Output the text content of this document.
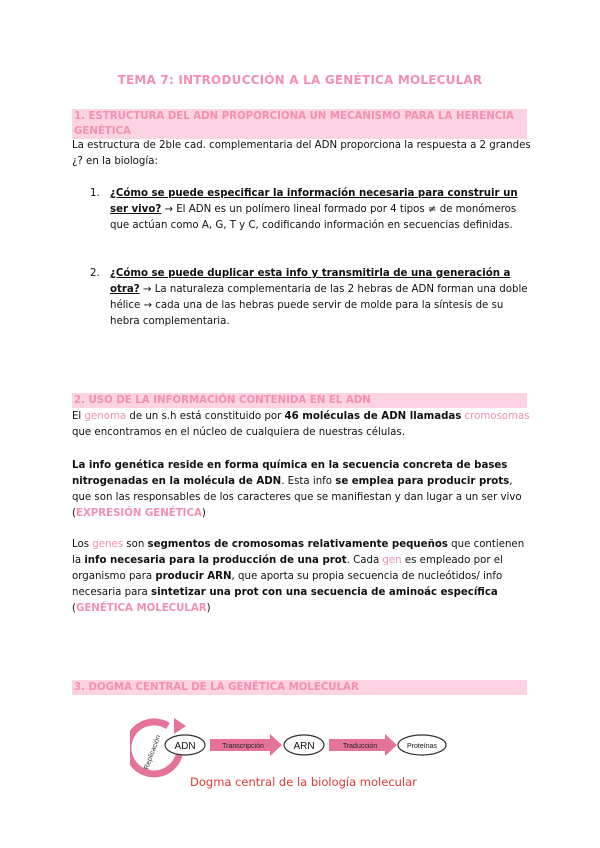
TEMA 7: INTRODUCCIÓN A LA GENÉTICA MOLECULAR
1. ESTRUCTURA DEL ADN PROPORCIONA UN MECANISMO PARA LA HERENCIA
GENÉTICA
La estructura de 2ble cad. complementaria del ADN proporciona la respuesta a 2 grandes ¿? en la biología:
1. ¿Cómo se puede especificar la información necesaria para construir un ser vivo? → El ADN es un polímero lineal formado por 4 tipos ≠ de monómeros que actúan como A, G, T y C, codificando información en secuencias definidas.
2. ¿Cómo se puede duplicar esta info y transmitirla de una generación a otra? → La naturaleza complementaria de las 2 hebras de ADN forman una doble hélice → cada una de las hebras puede servir de molde para la síntesis de su hebra complementaria.
2. USO DE LA INFORMACIÓN CONTENIDA EN EL ADN
El genoma de un s.h está constituido por 46 moléculas de ADN llamadas cromosomas que encontramos en el núcleo de cualquiera de nuestras células.
La info genética reside en forma química en la secuencia concreta de bases nitrogenadas en la molécula de ADN. Esta info se emplea para producir prots, que son las responsables de los caracteres que se manifiestan y dan lugar a un ser vivo (EXPRESIÓN GENÉTICA)
Los genes son segmentos de cromosomas relativamente pequeños que contienen la info necesaria para la producción de una prot. Cada gen es empleado por el organismo para producir ARN, que aporta su propia secuencia de nucleótidos/ info necesaria para sintetizar una prot con una secuencia de aminoác específica
(GENÉTICA MOLECULAR)
3. DOGMA CENTRAL DE LA GENÉTICA MOLECULAR
Replicación ADN	Transcripción	ARN	Traducción	Proteínas
Dogma central de la biología molecular
